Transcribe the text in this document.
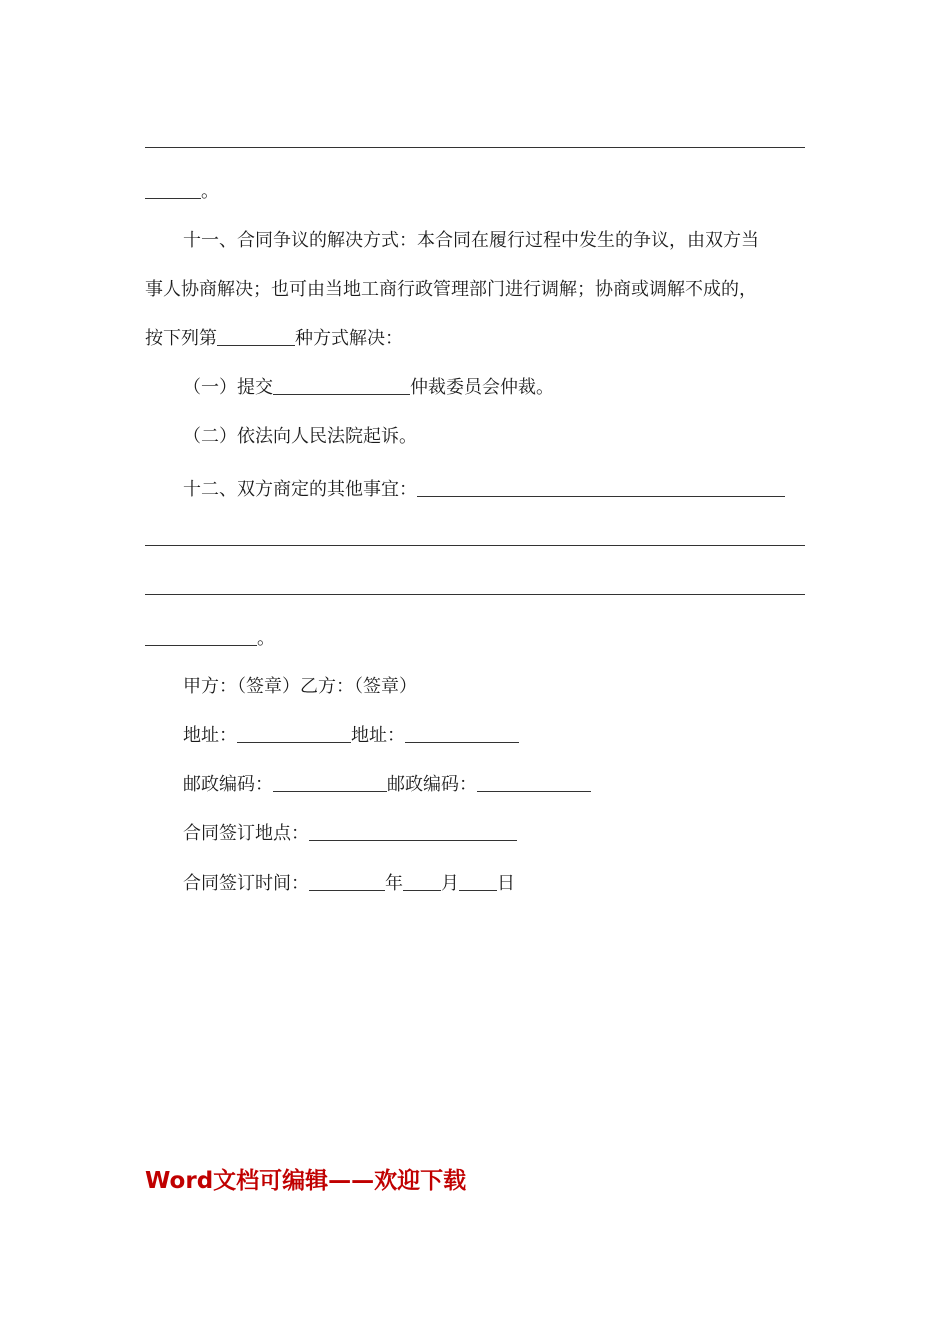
。
十一、合同争议的解决方式：本合同在履行过程中发生的争议，由双方当
事人协商解决；也可由当地工商行政管理部门进行调解；协商或调解不成的，
按下列第	种方式解决：
（一）提交	仲裁委员会仲裁。
（二）依法向人民法院起诉。
十二、双方商定的其他事宜：
。
甲方：（签章）乙方：（签章）
地址：	地址：
邮政编码：	邮政编码：
合同签订地点：
合同签订时间：	年 月 日
Word文档可编辑——欢迎下载
